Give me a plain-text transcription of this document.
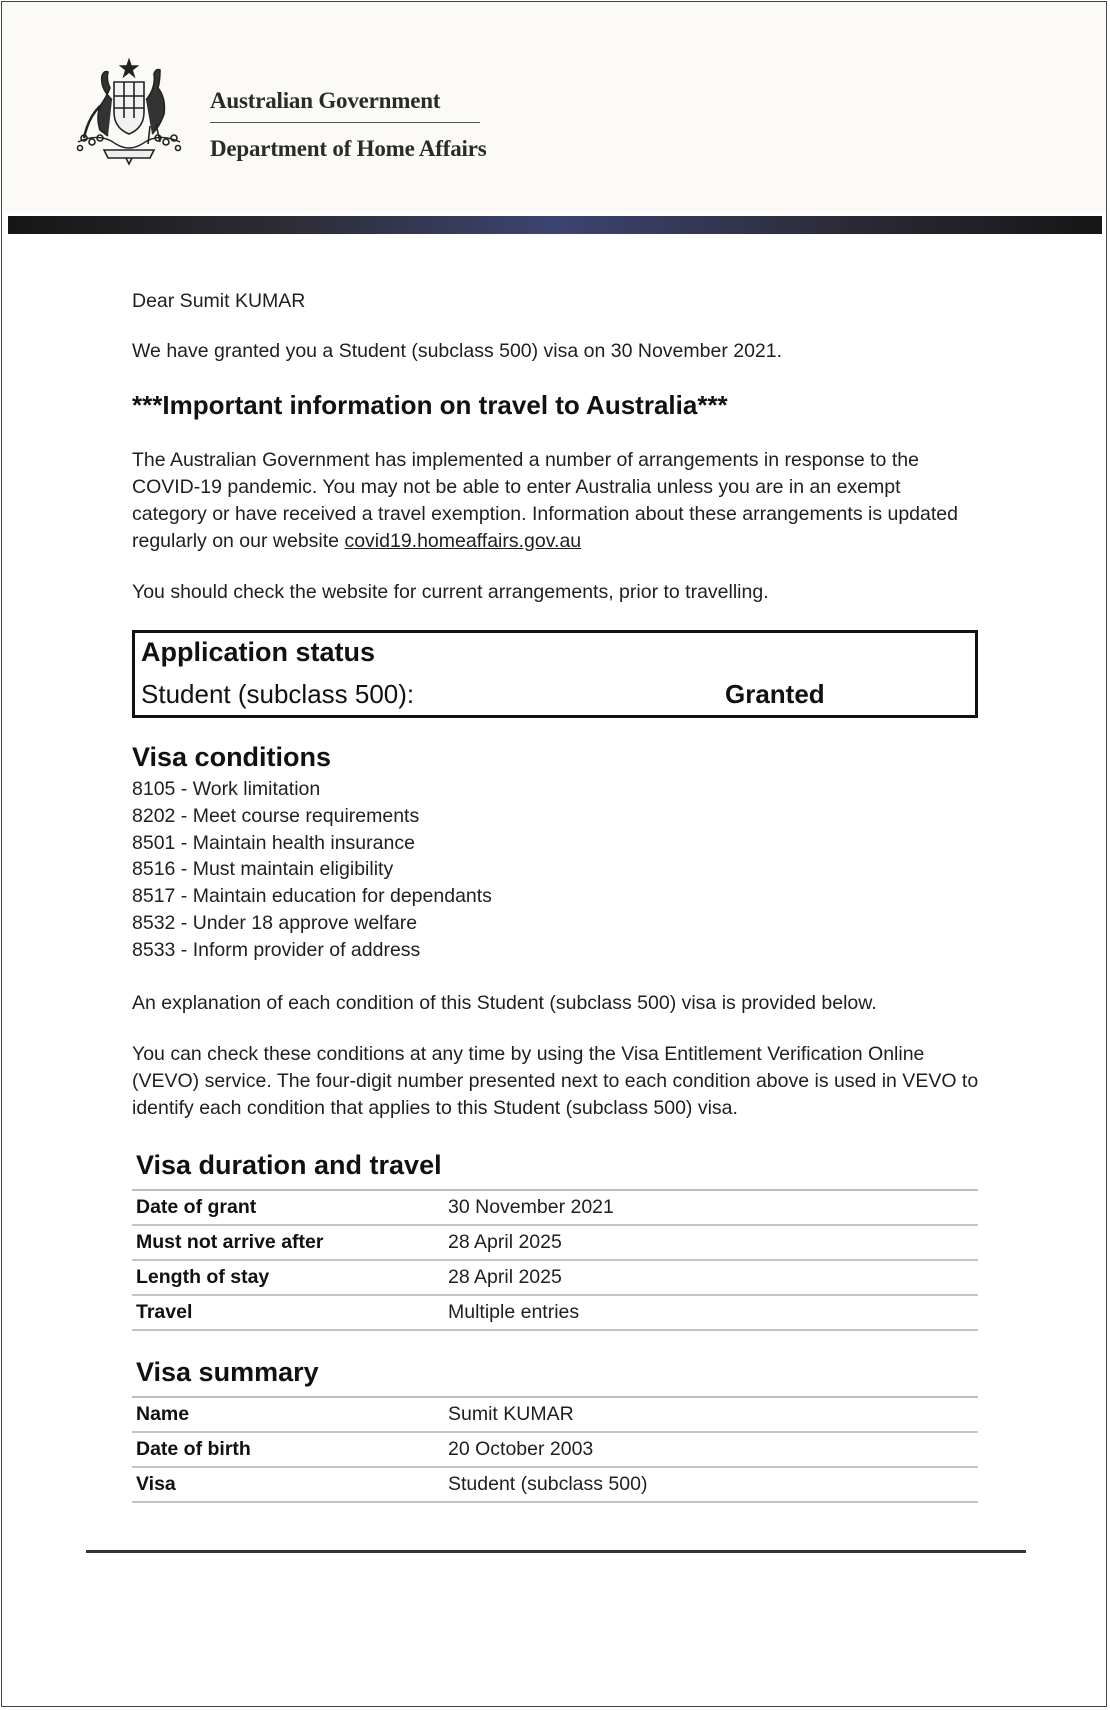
Australian Government
Department of Home Affairs
Dear Sumit KUMAR
We have granted you a Student (subclass 500) visa on 30 November 2021.
***Important information on travel to Australia***
The Australian Government has implemented a number of arrangements in response to the COVID-19 pandemic. You may not be able to enter Australia unless you are in an exempt category or have received a travel exemption. Information about these arrangements is updated regularly on our website covid19.homeaffairs.gov.au
You should check the website for current arrangements, prior to travelling.
Application status
Student (subclass 500):	Granted
Visa conditions
8105 - Work limitation
8202 - Meet course requirements
8501 - Maintain health insurance
8516 - Must maintain eligibility
8517 - Maintain education for dependants
8532 - Under 18 approve welfare
8533 - Inform provider of address
An explanation of each condition of this Student (subclass 500) visa is provided below.
You can check these conditions at any time by using the Visa Entitlement Verification Online (VEVO) service. The four-digit number presented next to each condition above is used in VEVO to identify each condition that applies to this Student (subclass 500) visa.
Visa duration and travel
Date of grant	30 November 2021
Must not arrive after	28 April 2025
Length of stay	28 April 2025
Travel	Multiple entries
Visa summary
Name	Sumit KUMAR
Date of birth	20 October 2003
Visa	Student (subclass 500)
